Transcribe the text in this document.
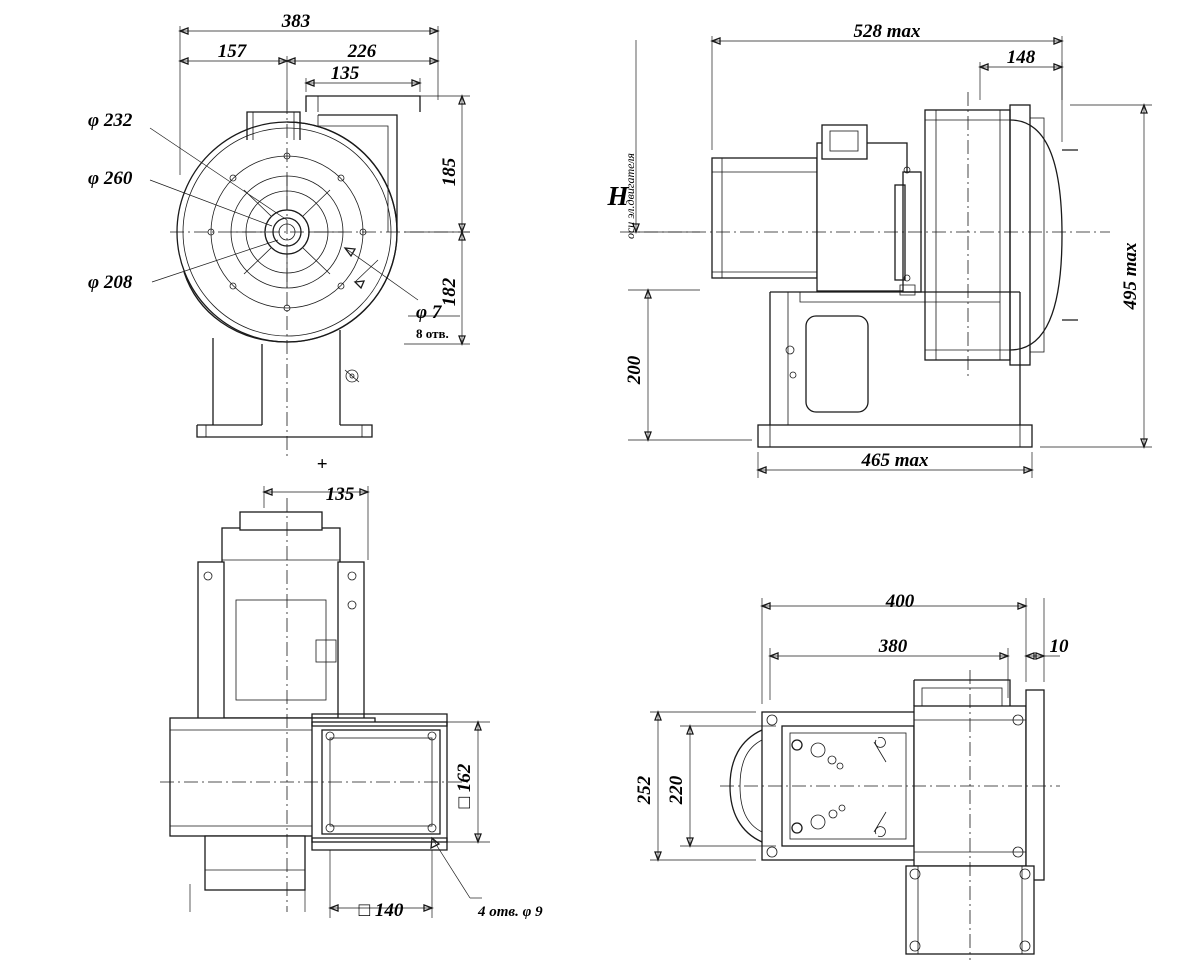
383
157	226
135
185
182
φ 232
φ 260
φ 208
φ 7
8 отв.
528 max
148
495 max
465 max
200
H
оси эл.двигателя
135
□ 162
□ 140	4 отв. φ 9
400
380	10
252 220
+
